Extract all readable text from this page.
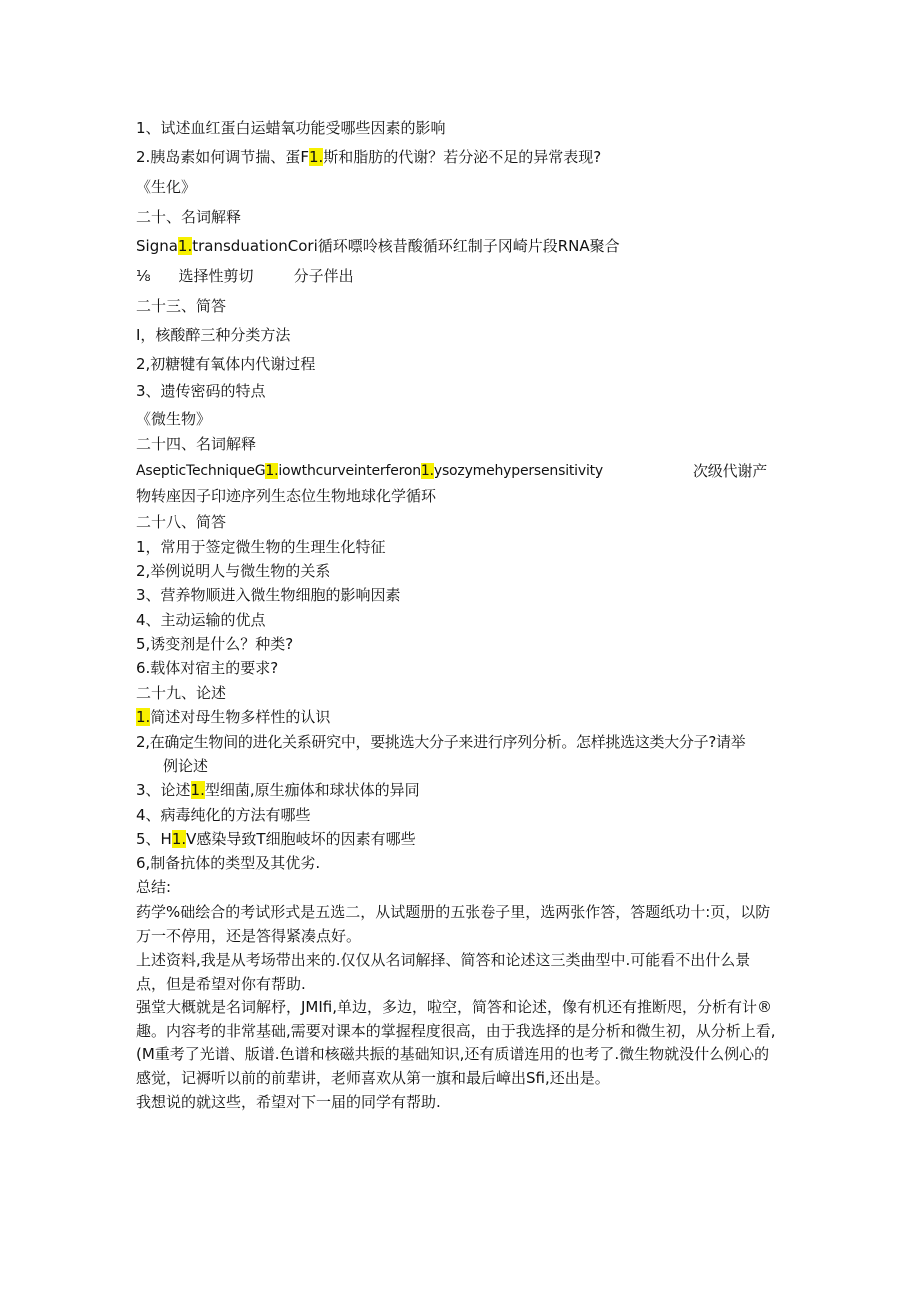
1、试述血红蛋白运蜡氧功能受哪些因素的影响
2.胰岛素如何调节揣、蛋F1.斯和脂肪的代谢？若分泌不足的异常表现?
《生化》
二十、名词解释
Signa1.transduationCori循环嘌呤核昔酸循环红制子冈崎片段RNA聚合
⅛ 选择性剪切	分子伴出
二十三、简答
I，核酸醉三种分类方法
2,初糖犍有氧体内代谢过程
3、遗传密码的特点
《微生物》
二十四、名词解释
AsepticTechniqueG1.iowthcurveinterferon1.ysozymehypersensitivity	次级代谢产
物转座因子印迹序列生态位生物地球化学循环
二十八、简答
1，常用于签定微生物的生理生化特征
2,举例说明人与微生物的关系
3、营养物顺进入微生物细胞的影响因素
4、主动运输的优点
5,诱变剂是什么？种类?
6.载体对宿主的要求?
二十九、论述
1.简述对母生物多样性的认识
2,在确定生物间的进化关系研究中，要挑选大分子来进行序列分析。怎样挑选这类大分子?请举
例论述
3、论述1.型细菌,原生痂体和球状体的异同
4、病毒纯化的方法有哪些
5、H1.V感染导致T细胞岐坏的因素有哪些
6,制备抗体的类型及其优劣.
总结:
药学%础绘合的考试形式是五选二，从试题册的五张卷子里，选两张作答，答题纸功十:页，以防万一不停用，还是答得紧凑点好。
上述资料,我是从考场带出来的.仅仅从名词解择、简答和论述这三类曲型中.可能看不出什么景点，但是希望对你有帮助.
强堂大概就是名词解杼，JMIfi,单边，多边，啦空，简答和论述，像有机还有推断咫，分析有计®趣。内容考的非常基础,需要对课本的掌握程度很高，由于我选择的是分析和微生初，从分析上看,(M重考了光谱、版谱.色谱和核磁共振的基础知识,还有质谱连用的也考了.微生物就没什么例心的感觉，记褥听以前的前辈讲，老师喜欢从第一旗和最后嶂出Sfi,还出是。
我想说的就这些，希望对下一届的同学有帮助.
